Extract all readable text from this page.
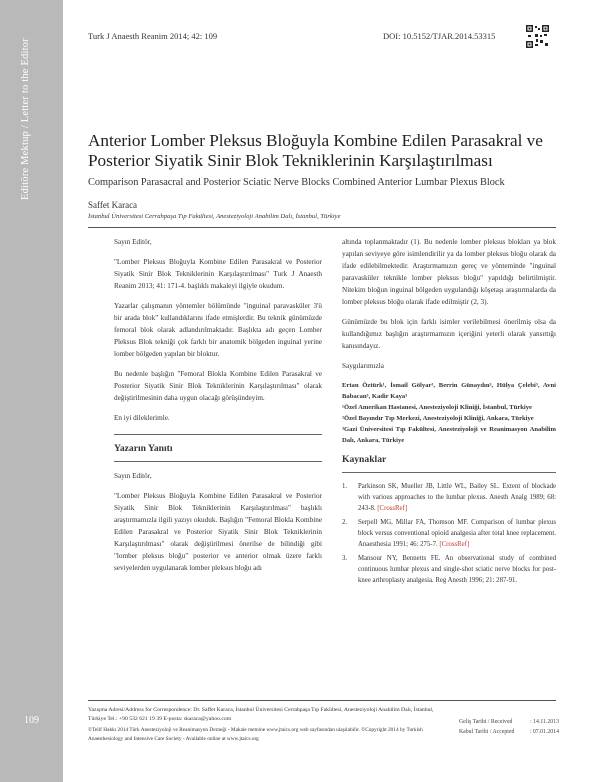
Editöre Mektup / Letter to the Editor
109
Turk J Anaesth Reanim 2014; 42: 109	DOI: 10.5152/TJAR.2014.53315
Anterior Lomber Pleksus Bloğuyla Kombine Edilen Parasakral ve Posterior Siyatik Sinir Blok Tekniklerinin Karşılaştırılması
Comparison Parasacral and Posterior Sciatic Nerve Blocks Combined Anterior Lumbar Plexus Block
Saffet Karaca
İstanbul Üniversitesi Cerrahpaşa Tıp Fakültesi, Anesteziyoloji Anabilim Dalı, İstanbul, Türkiye

Sayın Editör,

"Lomber Pleksus Bloğuyla Kombine Edilen Parasakral ve Posterior Siyatik Sinir Blok Tekniklerinin Karşılaştırılması" Turk J Anaesth Reanim 2013; 41: 171-4. başlıklı makaleyi ilgiyle okudum.

Yazarlar çalışmanın yöntemler bölümünde "inguinal paravasküler 3'ü bir arada blok" kullandıklarını ifade etmişlerdir. Bu teknik günümüzde femoral blok olarak adlandırılmaktadır. Başlıkta adı geçen Lomber Pleksus Blok tekniği çok farklı bir anatomik bölgeden inguinal yerine lomber bölgeden yapılan bir bloktur.

Bu nedenle başlığın "Femoral Blokla Kombine Edilen Parasakral ve Posterior Siyatik Sinir Blok Tekniklerinin Karşılaştırılması" olarak değiştirilmesinin daha uygun olacağı görüşündeyim.

En iyi dileklerimle.

Yazarın Yanıtı

Sayın Editör,

"Lomber Pleksus Bloğuyla Kombine Edilen Parasakral ve Posterior Siyatik Sinir Blok Tekniklerinin Karşılaştırılması" başlıklı araştırmamızla ilgili yazıyı okuduk. Başlığın "Femoral Blokla Kombine Edilen Parasakral ve Posterior Siyatik Sinir Blok Tekniklerinin Karşılaştırılması" olarak değiştirilmesi önerilse de bilindiği gibi "lomber pleksus bloğu" posterior ve anterior olmak üzere farklı seviyelerden uygulanarak lomber pleksus bloğu adı

altında toplanmaktadır (1). Bu nedenle lomber pleksus blokları ya blok yapılan seviyeye göre isimlendirilir ya da lomber pleksus bloğu olarak da ifade edilebilmektedir. Araştırmamızın gereç ve yönteminde "inguinal paravasküler teknikle lomber pleksus bloğu" yapıldığı belirtilmiştir. Nitekim bloğun inguinal bölgeden uygulandığı köşetaşı araştırmalarda da lomber pleksus bloğu olarak ifade edilmiştir (2, 3).

Günümüzde bu blok için farklı isimler verilebilmesi önerilmiş olsa da kullandığımız başlığın araştırmamızın içeriğini yeterli olarak yansıttığı kanısındayız.

Saygılarımızla

Ertan Öztürk¹, İsmail Gölyar², Berrin Günaydın³, Hülya Çelebi³, Avni Babacan³, Kadir Kaya³
¹Özel Amerikan Hastanesi, Anesteziyoloji Kliniği, İstanbul, Türkiye
²Özel Bayındır Tıp Merkezi, Anesteziyoloji Kliniği, Ankara, Türkiye
³Gazi Üniversitesi Tıp Fakültesi, Anesteziyoloji ve Reanimasyon Anabilim Dalı, Ankara, Türkiye
Kaynaklar
1.	Parkinson SK, Mueller JB, Little WL, Bailey SL. Extent of blockade with various approaches to the lumbar plexus. Anesth Analg 1989; 68: 243-8. [CrossRef]
2.	Serpell MG, Millar FA, Thomson MF. Comparison of lumbar plexus block versus conventional opioid analgesia after total knee replacement. Anaesthesia 1991; 46: 275-7. [CrossRef]
3.	Mansour NY, Bennetts FE. An observational study of combined continuous lumbar plexus and single-shot sciatic nerve blocks for post-knee arthroplasty analgesia. Reg Anesth 1996; 21: 287-91.
Yazışma Adresi/Address for Correspondence: Dr. Saffet Karaca, İstanbul Üniversitesi Cerrahpaşa Tıp Fakültesi, Anesteziyoloji Anabilim Dalı, İstanbul, Türkiye Tel.: +90 532 621 19 39 E-posta: skaraca@yahoo.com
©Telif Hakkı 2014 Türk Anesteziyoloji ve Reanimasyon Derneği - Makale metnine www.jtaics.org web sayfasından ulaşılabilir. ©Copyright 2014 by Turkish Anaesthesiology and Intensive Care Society - Available online at www.jtaics.org
Geliş Tarihi / Received	: 14.11.2013
Kabul Tarihi / Accepted	: 07.01.2014
